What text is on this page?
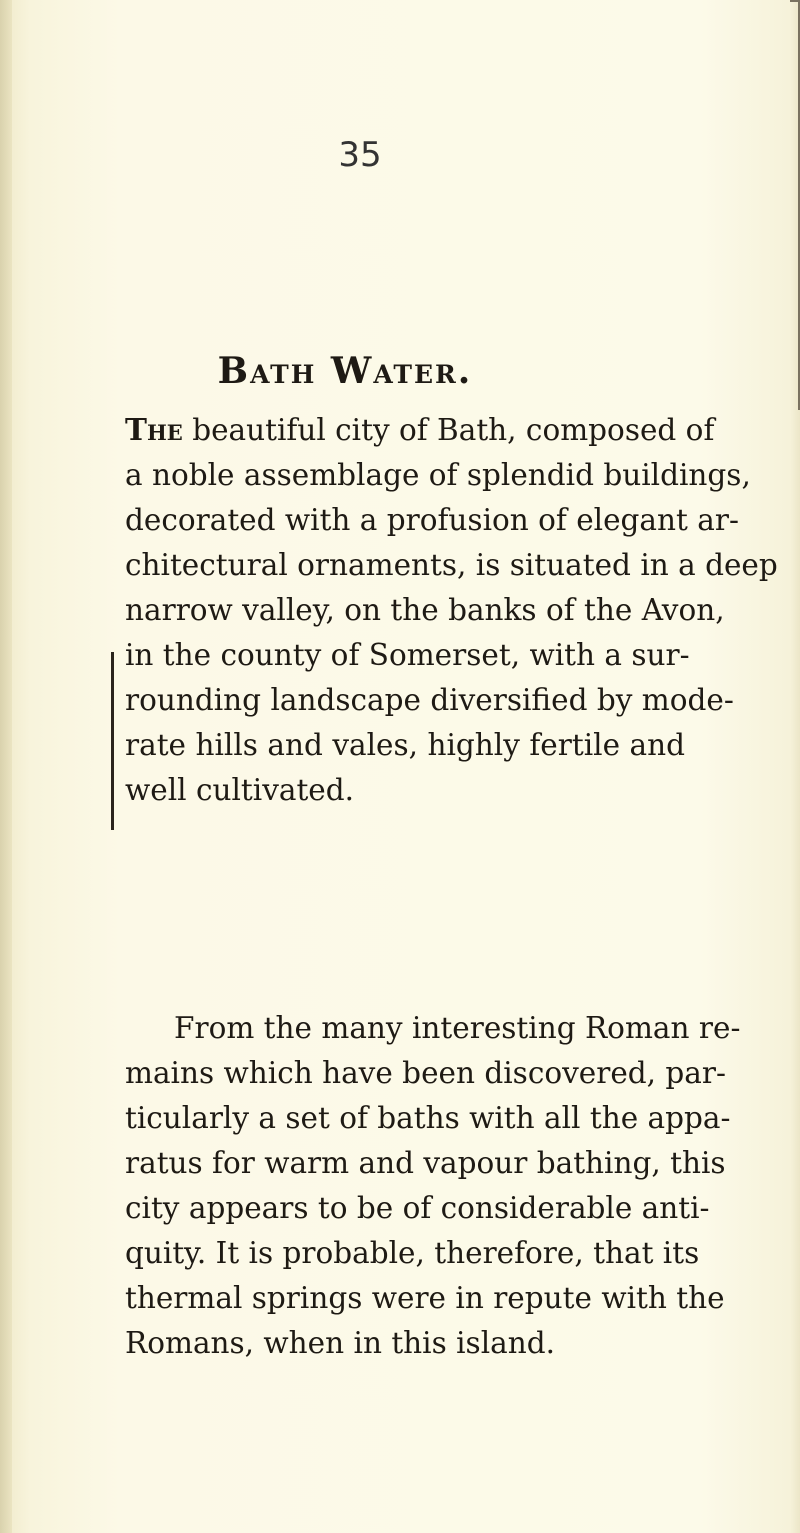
35
Bath Water.

The beautiful city of Bath, composed of
a noble assemblage of splendid buildings,
decorated with a profusion of elegant ar-
chitectural ornaments, is situated in a deep
narrow valley, on the banks of the Avon,
in the county of Somerset, with a sur-
rounding landscape diversified by mode-
rate hills and vales, highly fertile and
well cultivated.

From the many interesting Roman re-
mains which have been discovered, par-
ticularly a set of baths with all the appa-
ratus for warm and vapour bathing, this
city appears to be of considerable anti-
quity. It is probable, therefore, that its
thermal springs were in repute with the
Romans, when in this island.
